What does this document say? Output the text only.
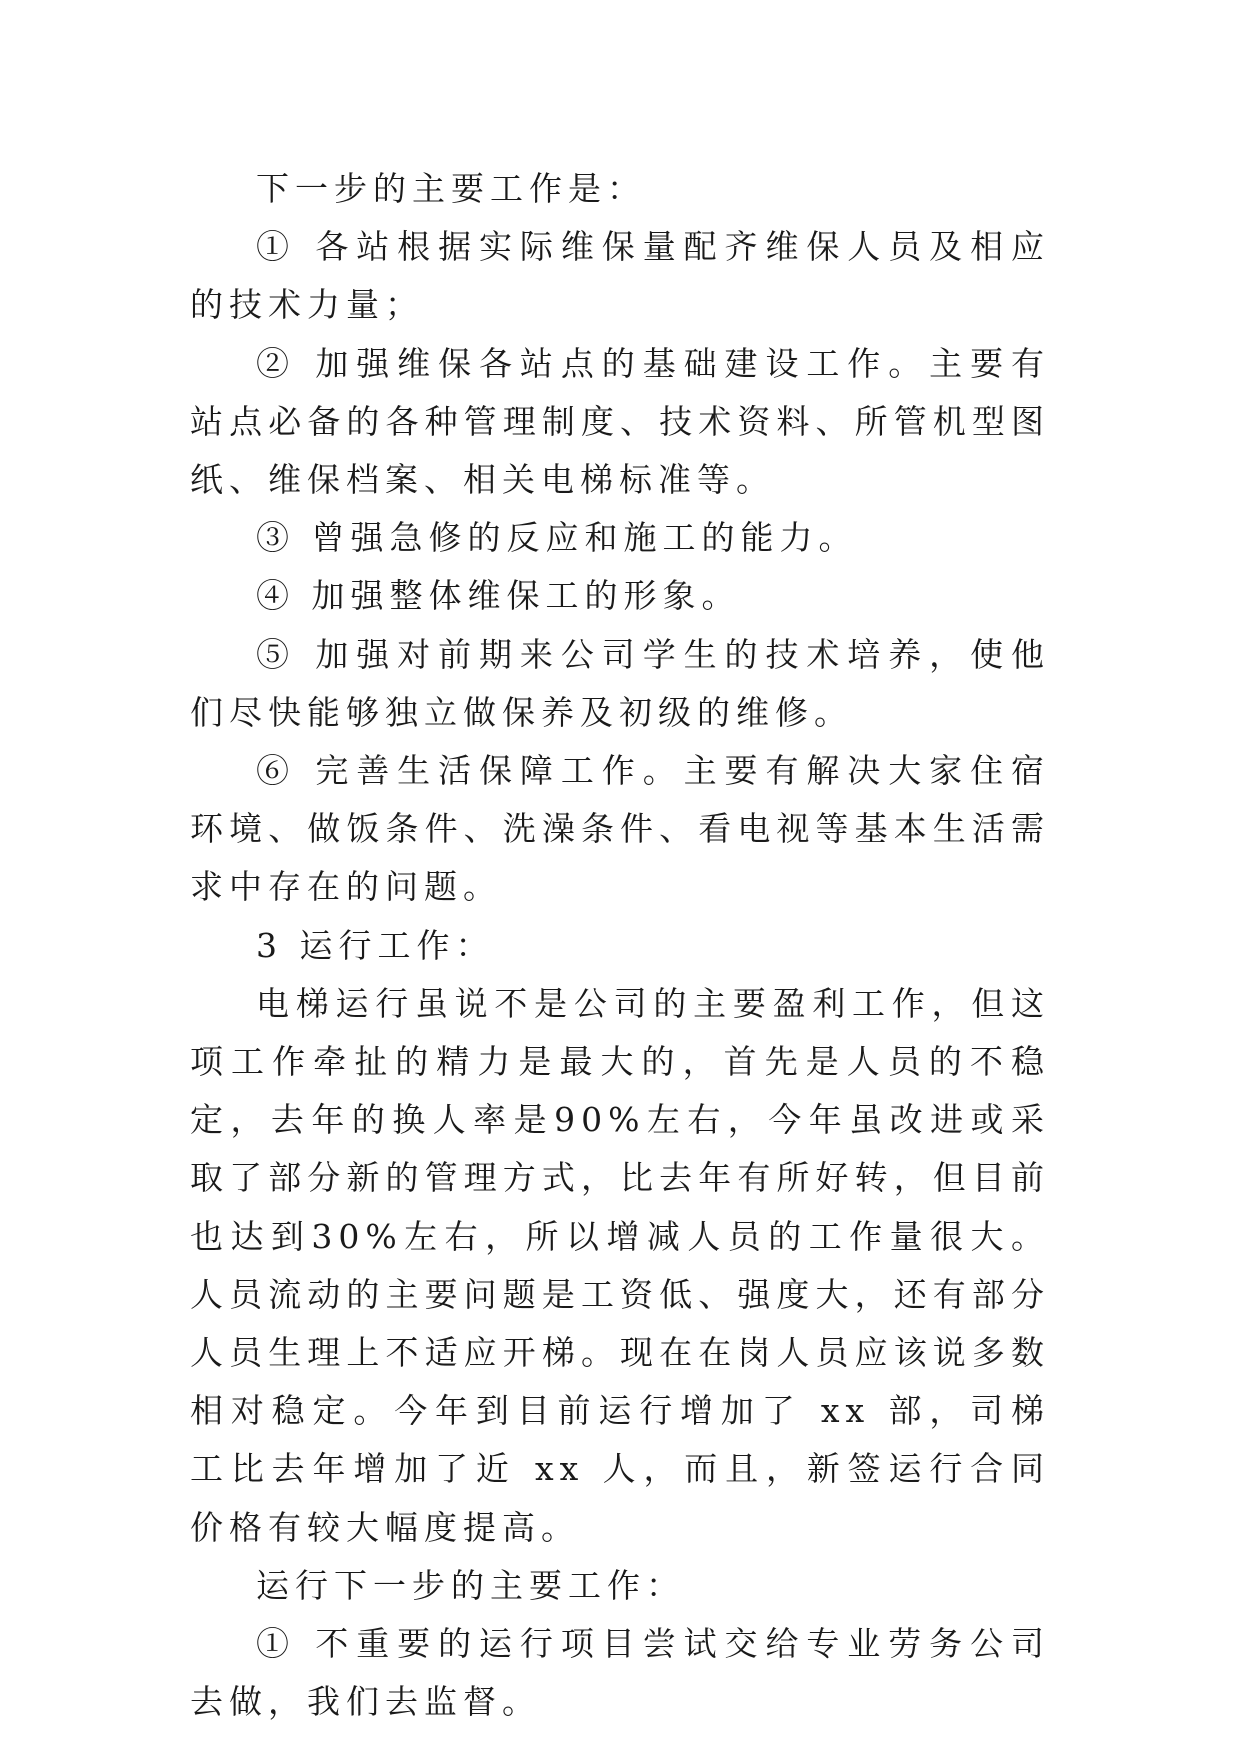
下一步的主要工作是：

① 各站根据实际维保量配齐维保人员及相应的技术力量；

② 加强维保各站点的基础建设工作。主要有站点必备的各种管理制度、技术资料、所管机型图纸、维保档案、相关电梯标准等。

③ 曾强急修的反应和施工的能力。

④ 加强整体维保工的形象。

⑤ 加强对前期来公司学生的技术培养，使他们尽快能够独立做保养及初级的维修。

⑥ 完善生活保障工作。主要有解决大家住宿环境、做饭条件、洗澡条件、看电视等基本生活需求中存在的问题。

3 运行工作：

电梯运行虽说不是公司的主要盈利工作，但这项工作牵扯的精力是最大的，首先是人员的不稳定，去年的换人率是90%左右，今年虽改进或采取了部分新的管理方式，比去年有所好转，但目前也达到30%左右，所以增减人员的工作量很大。人员流动的主要问题是工资低、强度大，还有部分人员生理上不适应开梯。现在在岗人员应该说多数相对稳定。今年到目前运行增加了 xx 部，司梯工比去年增加了近 xx 人，而且，新签运行合同价格有较大幅度提高。

运行下一步的主要工作：

① 不重要的运行项目尝试交给专业劳务公司去做，我们去监督。
